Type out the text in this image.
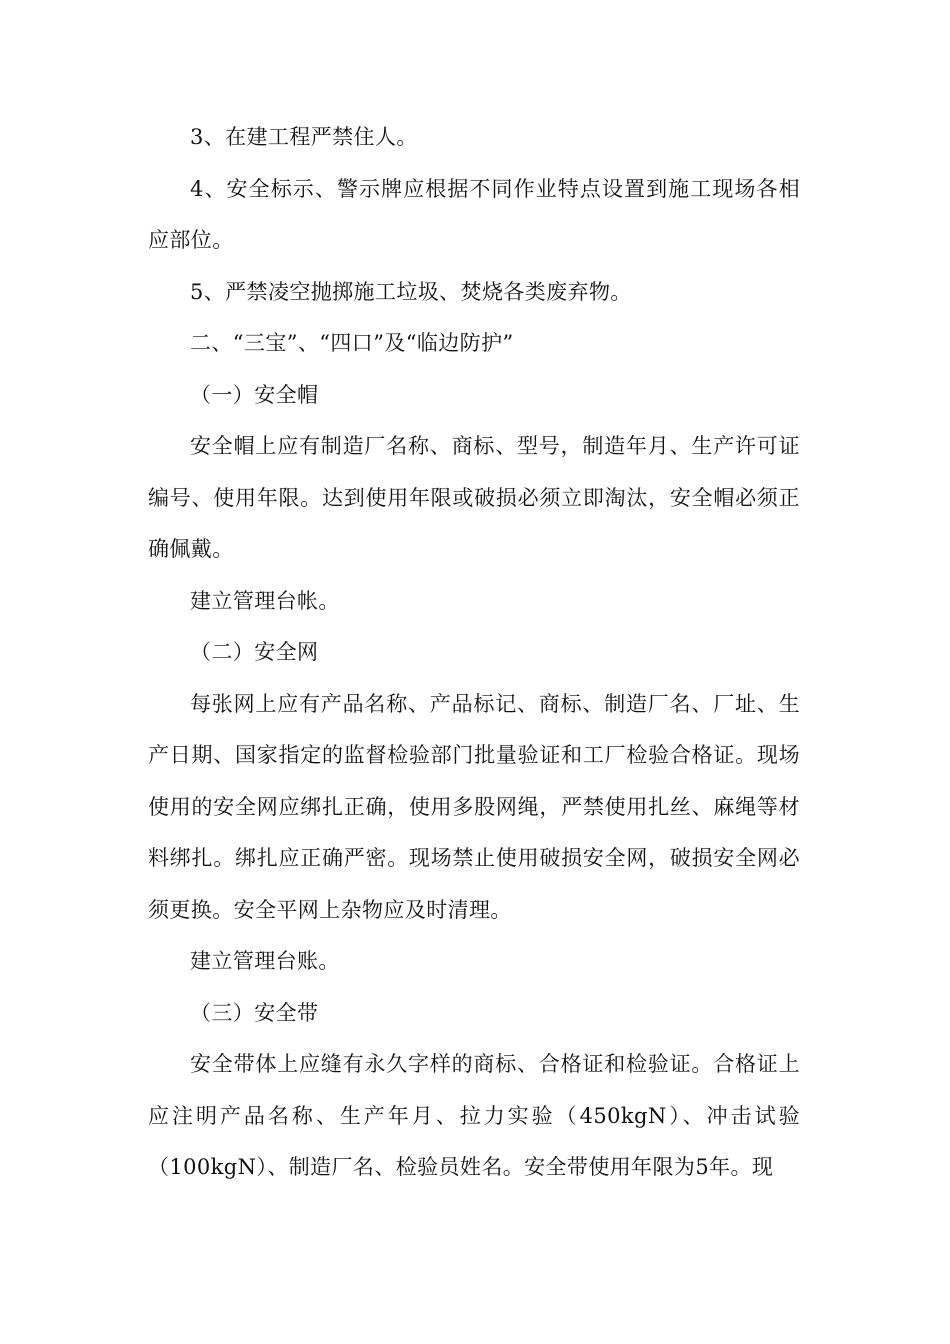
3、在建工程严禁住人。

4、安全标示、警示牌应根据不同作业特点设置到施工现场各相应部位。

5、严禁凌空抛掷施工垃圾、焚烧各类废弃物。

二、“三宝”、“四口”及“临边防护”

（一）安全帽

安全帽上应有制造厂名称、商标、型号，制造年月、生产许可证编号、使用年限。达到使用年限或破损必须立即淘汰，安全帽必须正确佩戴。

建立管理台帐。

（二）安全网

每张网上应有产品名称、产品标记、商标、制造厂名、厂址、生产日期、国家指定的监督检验部门批量验证和工厂检验合格证。现场使用的安全网应绑扎正确，使用多股网绳，严禁使用扎丝、麻绳等材料绑扎。绑扎应正确严密。现场禁止使用破损安全网，破损安全网必须更换。安全平网上杂物应及时清理。

建立管理台账。

（三）安全带

安全带体上应缝有永久字样的商标、合格证和检验证。合格证上应注明产品名称、生产年月、拉力实验（450kgN）、冲击试验（100kgN）、制造厂名、检验员姓名。安全带使用年限为5年。现
